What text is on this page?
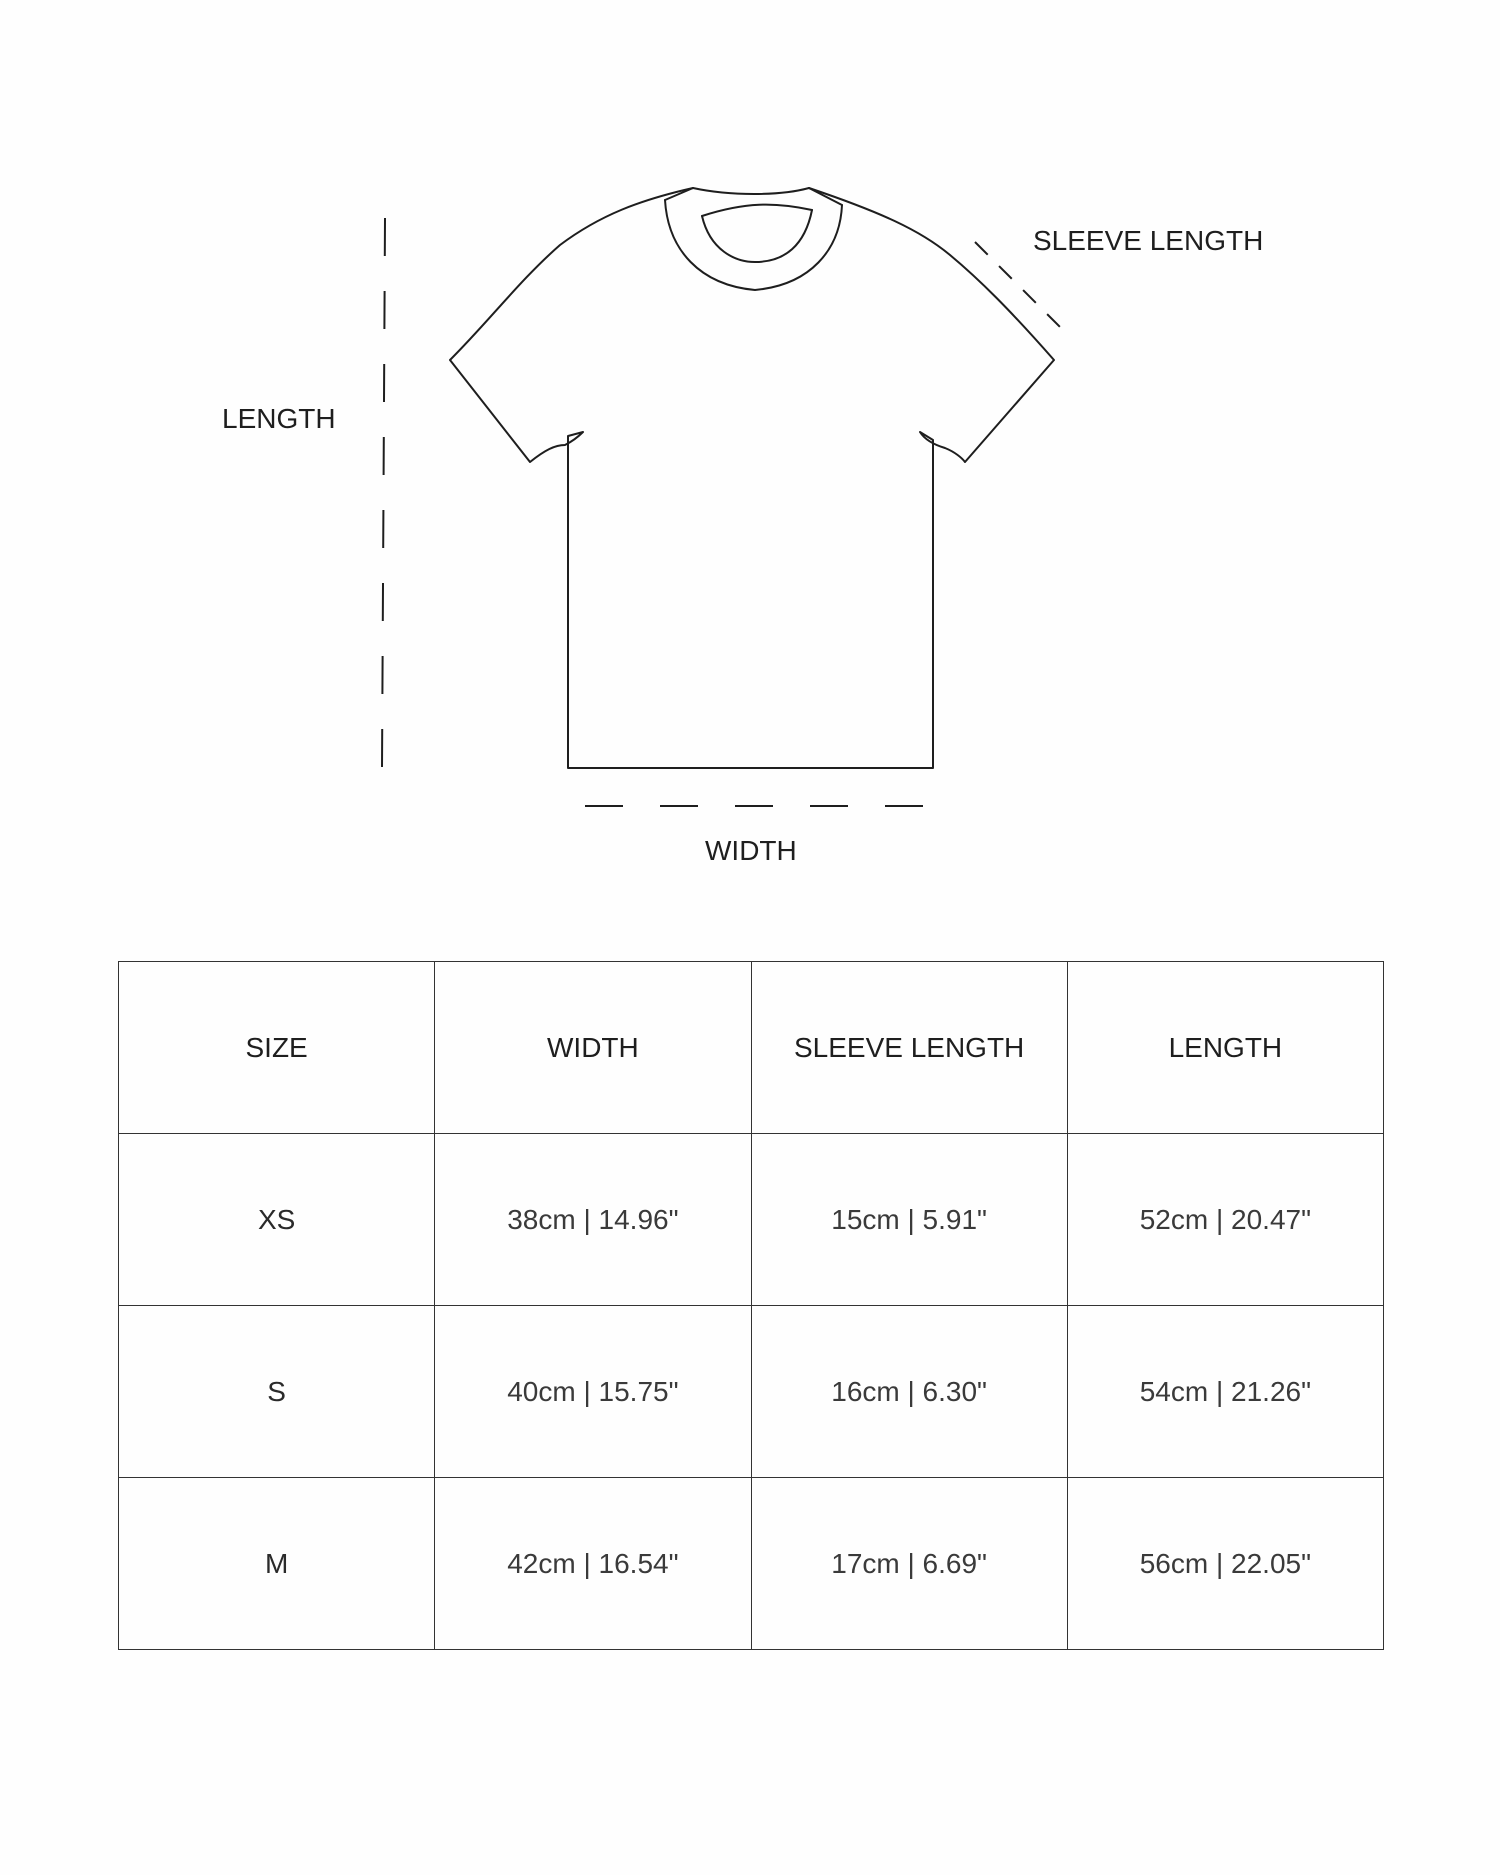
LENGTH
SLEEVE LENGTH
WIDTH
SIZE	WIDTH	SLEEVE LENGTH	LENGTH
XS	38cm | 14.96"	15cm | 5.91"	52cm | 20.47"
S	40cm | 15.75"	16cm | 6.30"	54cm | 21.26"
M	42cm | 16.54"	17cm | 6.69"	56cm | 22.05"
